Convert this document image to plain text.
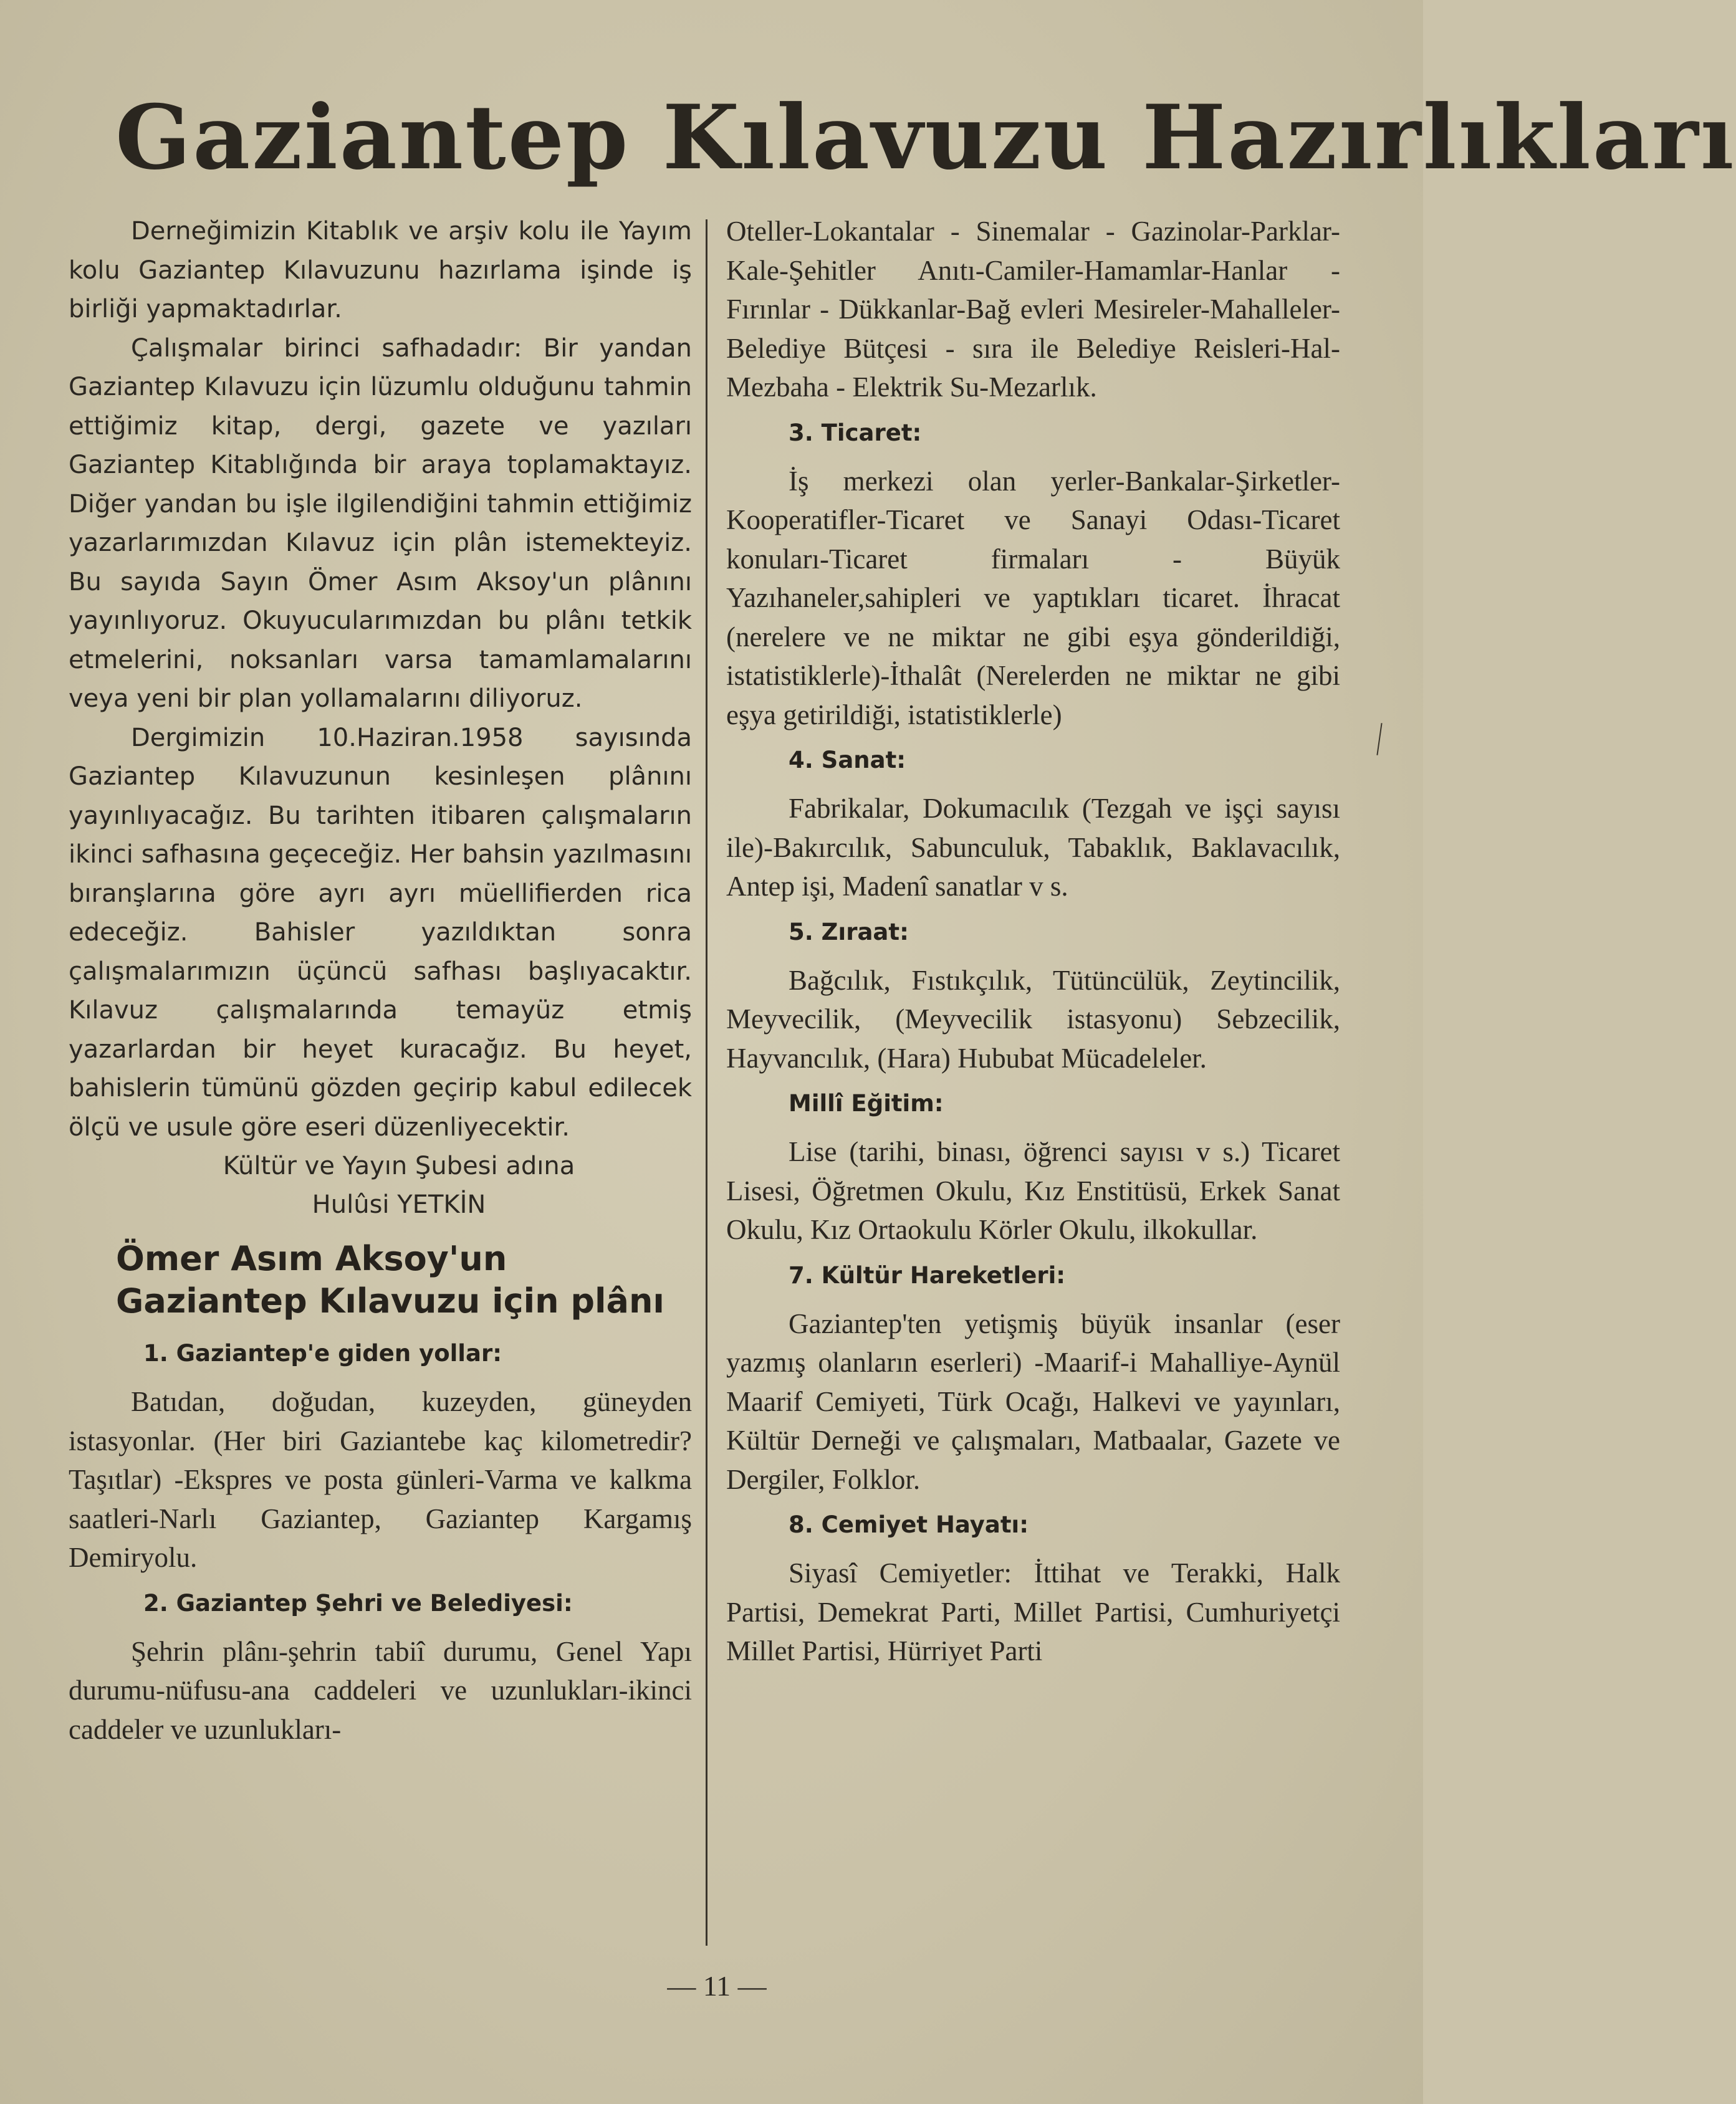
Gaziantep Kılavuzu Hazırlıkları

Derneğimizin Kitablık ve arşiv kolu ile Yayım kolu Gaziantep Kılavuzunu hazırlama işinde iş birliği yapmaktadırlar.

Çalışmalar birinci safhadadır: Bir yandan Gaziantep Kılavuzu için lüzumlu olduğunu tahmin ettiğimiz kitap, dergi, gazete ve yazıları Gaziantep Kitablığında bir araya toplamaktayız. Diğer yandan bu işle ilgilendiğini tahmin ettiğimiz yazarlarımızdan Kılavuz için plân istemekteyiz. Bu sayıda Sayın Ömer Asım Aksoy'un plânını yayınlıyoruz. Okuyucularımızdan bu plânı tetkik etmelerini, noksanları varsa tamamlamalarını veya yeni bir plan yollamalarını diliyoruz.

Dergimizin 10.Haziran.1958 sayısında Gaziantep Kılavuzunun kesinleşen plânını yayınlıyacağız. Bu tarihten itibaren çalışmaların ikinci safhasına geçeceğiz. Her bahsin yazılmasını bıranşlarına göre ayrı ayrı müellifierden rica edeceğiz. Bahisler yazıldıktan sonra çalışmalarımızın üçüncü safhası başlıyacaktır. Kılavuz çalışmalarında temayüz etmiş yazarlardan bir heyet kuracağız. Bu heyet, bahislerin tümünü gözden geçirip kabul edilecek ölçü ve usule göre eseri düzenliyecektir.

Kültür ve Yayın Şubesi adına

Hulûsi YETKİN

Ömer Asım Aksoy'un Gaziantep Kılavuzu için plânı
1. Gaziantep'e giden yollar:

Batıdan, doğudan, kuzeyden, güneyden istasyonlar. (Her biri Gaziantebe kaç kilometredir? Taşıtlar) -Ekspres ve posta günleri-Varma ve kalkma saatleri-Narlı Gaziantep, Gaziantep Kargamış Demiryolu.

2. Gaziantep Şehri ve Belediyesi:

Şehrin plânı-şehrin tabiî durumu, Genel Yapı durumu-nüfusu-ana caddeleri ve uzunlukları-ikinci caddeler ve uzunlukları-

Oteller-Lokantalar - Sinemalar - Gazinolar-Parklar-Kale-Şehitler Anıtı-Camiler-Hamamlar-Hanlar - Fırınlar - Dükkanlar-Bağ evleri Mesireler-Mahalleler-Belediye Bütçesi - sıra ile Belediye Reisleri-Hal-Mezbaha - Elektrik Su-Mezarlık.

3. Ticaret:

İş merkezi olan yerler-Bankalar-Şirketler-Kooperatifler-Ticaret ve Sanayi Odası-Ticaret konuları-Ticaret firmaları - Büyük Yazıhaneler,sahipleri ve yaptıkları ticaret. İhracat (nerelere ve ne miktar ne gibi eşya gönderildiği, istatistiklerle)-İthalât (Nerelerden ne miktar ne gibi eşya getirildiği, istatistiklerle)

4. Sanat:

Fabrikalar, Dokumacılık (Tezgah ve işçi sayısı ile)-Bakırcılık, Sabunculuk, Tabaklık, Baklavacılık, Antep işi, Madenî sanatlar v s.

5. Zıraat:

Bağcılık, Fıstıkçılık, Tütüncülük, Zeytincilik, Meyvecilik, (Meyvecilik istasyonu) Sebzecilik, Hayvancılık, (Hara) Hububat Mücadeleler.

Millî Eğitim:

Lise (tarihi, binası, öğrenci sayısı v s.) Ticaret Lisesi, Öğretmen Okulu, Kız Enstitüsü, Erkek Sanat Okulu, Kız Ortaokulu Körler Okulu, ilkokullar.

7. Kültür Hareketleri:

Gaziantep'ten yetişmiş büyük insanlar (eser yazmış olanların eserleri) -Maarif-i Mahalliye-Aynül Maarif Cemiyeti, Türk Ocağı, Halkevi ve yayınları, Kültür Derneği ve çalışmaları, Matbaalar, Gazete ve Dergiler, Folklor.

8. Cemiyet Hayatı:

Siyasî Cemiyetler: İttihat ve Terakki, Halk Partisi, Demekrat Parti, Millet Partisi, Cumhuriyetçi Millet Partisi, Hürriyet Parti

— 11 —
